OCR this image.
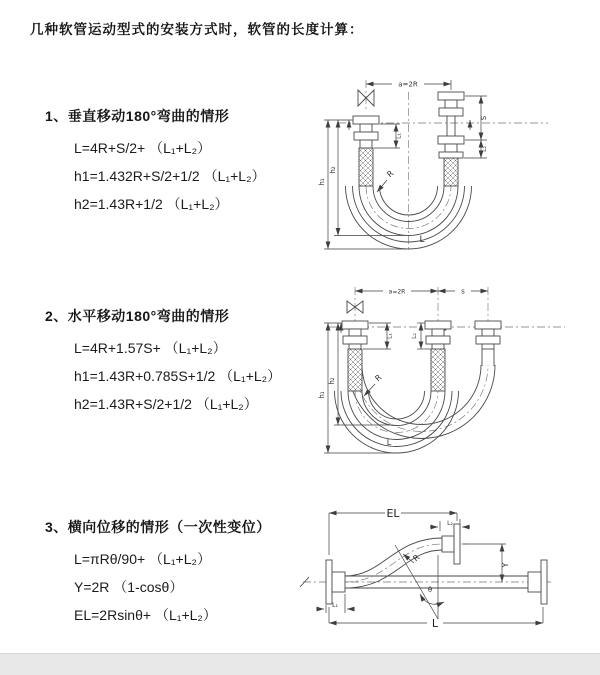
几种软管运动型式的安装方式时，软管的长度计算：
1、垂直移动180°弯曲的情形
L=4R+S/2+ （L₁+L₂）
h1=1.432R+S/2+1/2 （L₁+L₂）
h2=1.43R+1/2 （L₁+L₂）
2、水平移动180°弯曲的情形
L=4R+1.57S+ （L₁+L₂）
h1=1.43R+0.785S+1/2 （L₁+L₂）
h2=1.43R+S/2+1/2 （L₁+L₂）
3、横向位移的情形（一次性变位）
L=πRθ/90+ （L₁+L₂）
Y=2R （1-cosθ）
EL=2Rsinθ+ （L₁+L₂）
a=2R
h₁
h₂
L₁
S
L₂
R
L
a=2R	s
h₁
h₂
L₁	L₂
R
L
EL
L₂
Y
L
L₁
R
θ
